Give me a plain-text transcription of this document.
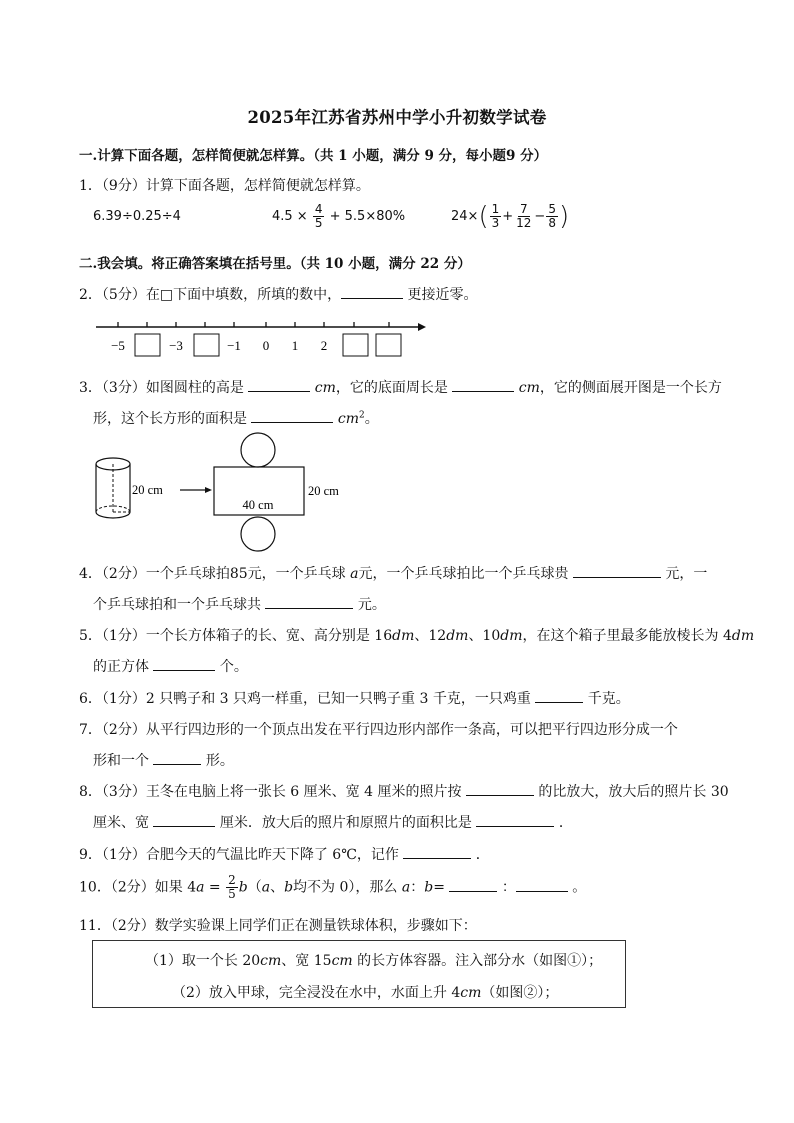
2025年江苏省苏州中学小升初数学试卷
一.计算下面各题，怎样简便就怎样算。（共 1 小题，满分 9 分，每小题9 分）
1．（9分）计算下面各题，怎样简便就怎样算。
6.39÷0.25÷4	$4.5 \times \frac{4}{5} + 5.5\times 80\%$	$24\times( \frac{1}{3} + \frac{7}{12} - \frac{5}{8}$ )
二.我会填。将正确答案填在括号里。（共 10 小题，满分 22 分）
2．（5分）在□下面中填数，所填的数中，	更接近零。
−5	−3	−1 0 1 2
3．（3分）如图圆柱的高是	cm，它的底面周长是	cm，它的侧面展开图是一个长方
形，这个长方形的面积是	$cm^2$。
20 cm
40 cm
20 cm
4．（2分）一个乒乓球拍85元，一个乒乓球 a元，一个乒乓球拍比一个乒乓球贵	元，一
个乒乓球拍和一个乒乓球共	元。
5．（1分）一个长方体箱子的长、宽、高分别是 16dm、12dm、10dm，在这个箱子里最多能放棱长为 4dm
的正方体	个。
6．（1分）2 只鸭子和 3 只鸡一样重，已知一只鸭子重 3 千克，一只鸡重	千克。
7．（2分）从平行四边形的一个顶点出发在平行四边形内部作一条高，可以把平行四边形分成一个
形和一个	形。
8．（3分）王冬在电脑上将一张长 6 厘米、宽 4 厘米的照片按	的比放大，放大后的照片长 30
厘米、宽	厘米．放大后的照片和原照片的面积比是	．
9．（1分）合肥今天的气温比昨天下降了 6℃，记作	．
10．（2分）如果 $4a = \frac{2}{5} b(a$、b均不为 0），那么 a：b=	：	。
11．（2分）数学实验课上同学们正在测量铁球体积，步骤如下：
（1）取一个长 20cm、宽 15cm 的长方体容器。注入部分水（如图①）；
（2）放入甲球，完全浸没在水中，水面上升 4cm（如图②）；
